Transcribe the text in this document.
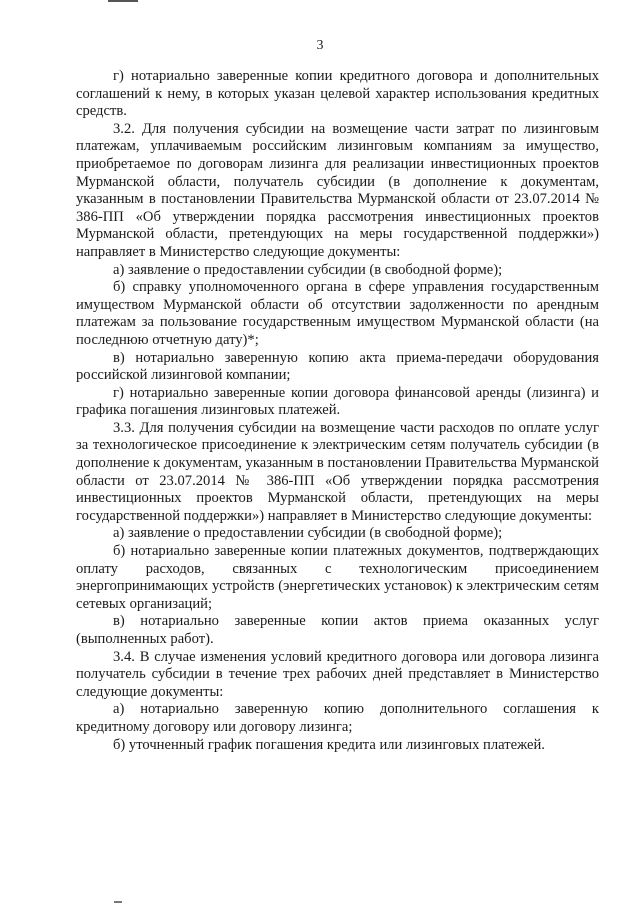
3

г) нотариально заверенные копии кредитного договора и дополнительных соглашений к нему, в которых указан целевой характер использования кредитных средств.

3.2. Для получения субсидии на возмещение части затрат по лизинговым платежам, уплачиваемым российским лизинговым компаниям за имущество, приобретаемое по договорам лизинга для реализации инвестиционных проектов Мурманской области, получатель субсидии (в дополнение к документам, указанным в постановлении Правительства Мурманской области от 23.07.2014 № 386-ПП «Об утверждении порядка рассмотрения инвестиционных проектов Мурманской области, претендующих на меры государственной поддержки») направляет в Министерство следующие документы:

а) заявление о предоставлении субсидии (в свободной форме);

б) справку уполномоченного органа в сфере управления государственным имуществом Мурманской области об отсутствии задолженности по арендным платежам за пользование государственным имуществом Мурманской области (на последнюю отчетную дату)*;

в) нотариально заверенную копию акта приема-передачи оборудования российской лизинговой компании;

г) нотариально заверенные копии договора финансовой аренды (лизинга) и графика погашения лизинговых платежей.

3.3. Для получения субсидии на возмещение части расходов по оплате услуг за технологическое присоединение к электрическим сетям получатель субсидии (в дополнение к документам, указанным в постановлении Правительства Мурманской области от 23.07.2014 № 386-ПП «Об утверждении порядка рассмотрения инвестиционных проектов Мурманской области, претендующих на меры государственной поддержки») направляет в Министерство следующие документы:

а) заявление о предоставлении субсидии (в свободной форме);

б) нотариально заверенные копии платежных документов, подтверждающих оплату расходов, связанных с технологическим присоединением энергопринимающих устройств (энергетических установок) к электрическим сетям сетевых организаций;

в) нотариально заверенные копии актов приема оказанных услуг (выполненных работ).

3.4. В случае изменения условий кредитного договора или договора лизинга получатель субсидии в течение трех рабочих дней представляет в Министерство следующие документы:

а) нотариально заверенную копию дополнительного соглашения к кредитному договору или договору лизинга;

б) уточненный график погашения кредита или лизинговых платежей.
